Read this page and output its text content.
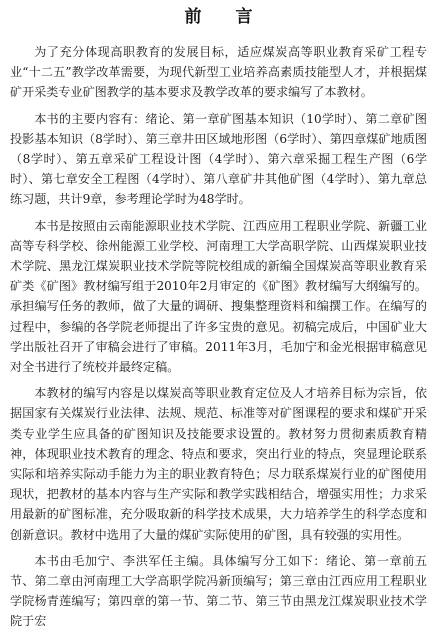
前 言

为了充分体现高职教育的发展目标，适应煤炭高等职业教育采矿工程专业“十二五”教学改革需要，为现代新型工业培养高素质技能型人才，并根据煤矿开采类专业矿图教学的基本要求及教学改革的要求编写了本教材。

本书的主要内容有：绪论、第一章矿图基本知识（10学时）、第二章矿图投影基本知识（8学时）、第三章井田区域地形图（6学时）、第四章煤矿地质图（8学时）、第五章采矿工程设计图（4学时）、第六章采掘工程生产图（6学时）、第七章安全工程图（4学时）、第八章矿井其他矿图（4学时）、第九章总练习题，共计9章，参考理论学时为48学时。

本书是按照由云南能源职业技术学院、江西应用工程职业学院、新疆工业高等专科学校、徐州能源工业学校、河南理工大学高职学院、山西煤炭职业技术学院、黑龙江煤炭职业技术学院等院校组成的新编全国煤炭高等职业教育采矿类《矿图》教材编写组于2010年2月审定的《矿图》教材编写大纲编写的。承担编写任务的教师，做了大量的调研、搜集整理资料和编撰工作。在编写的过程中，参编的各学院老师提出了许多宝贵的意见。初稿完成后，中国矿业大学出版社召开了审稿会进行了审稿。2011年3月，毛加宁和金光根据审稿意见对全书进行了统校并最终定稿。

本教材的编写内容是以煤炭高等职业教育定位及人才培养目标为宗旨，依据国家有关煤炭行业法律、法规、规范、标准等对矿图课程的要求和煤矿开采类专业学生应具备的矿图知识及技能要求设置的。教材努力贯彻素质教育精神，体现职业技术教育的理念、特点和要求，突出行业的特点，突显理论联系实际和培养实际动手能力为主的职业教育特色；尽力联系煤炭行业的矿图使用现状，把教材的基本内容与生产实际和教学实践相结合，增强实用性；力求采用最新的矿图标准，充分吸取新的科学技术成果，大力培养学生的科学态度和创新意识。教材中选用了大量的煤矿实际使用的矿图，具有较强的实用性。

本书由毛加宁、李洪军任主编。具体编写分工如下：绪论、第一章前五节、第二章由河南理工大学高职学院冯新顶编写；第三章由江西应用工程职业学院杨青莲编写；第四章的第一节、第二节、第三节由黑龙江煤炭职业技术学院于宏
